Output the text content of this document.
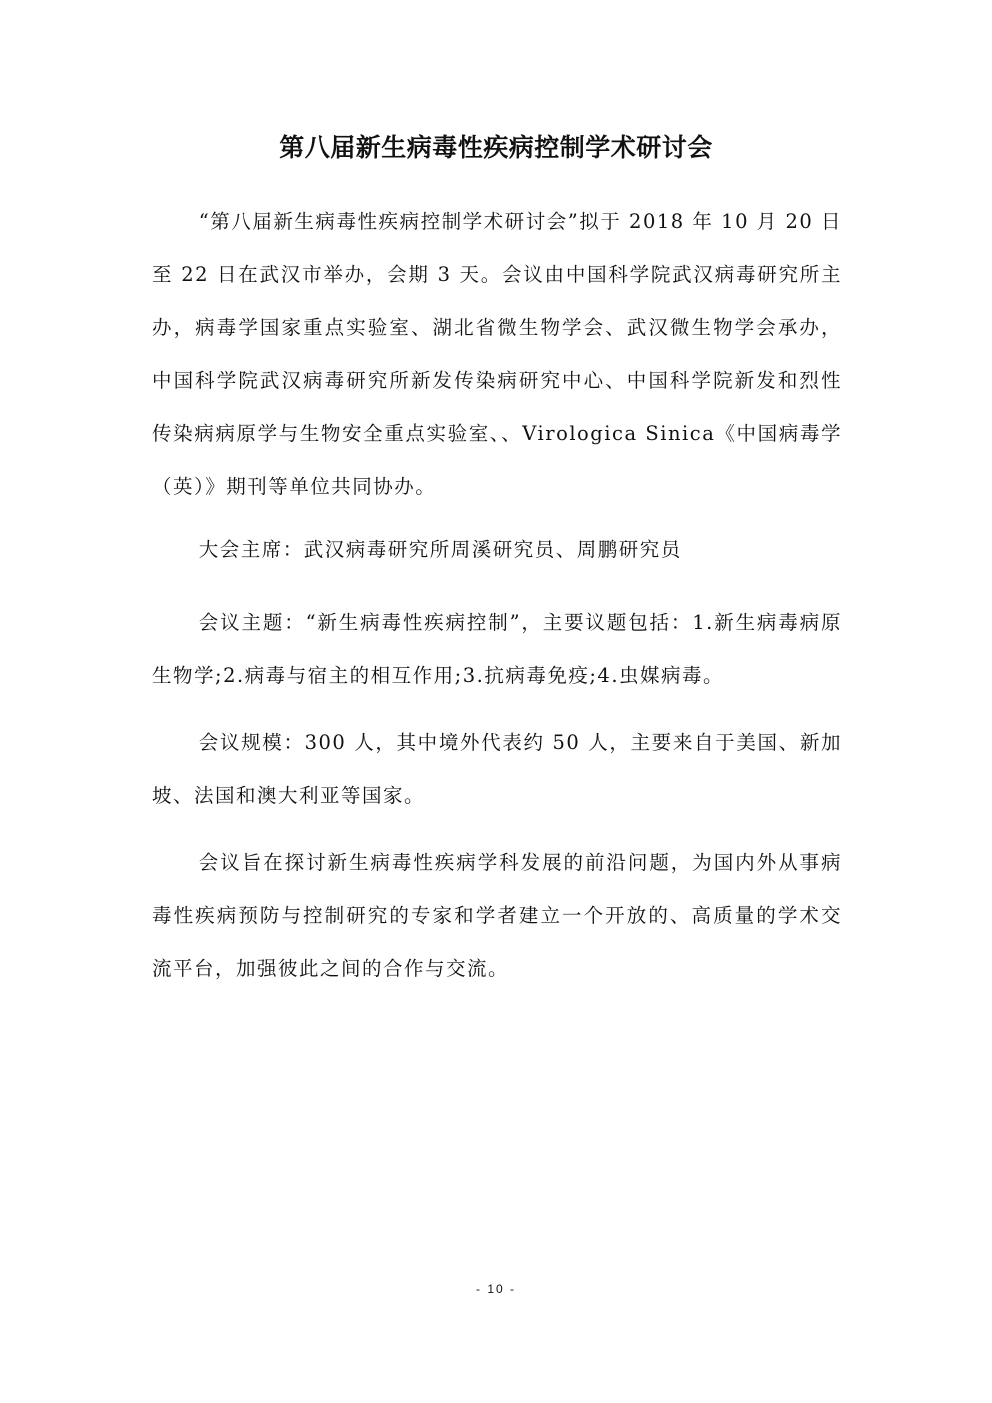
第八届新生病毒性疾病控制学术研讨会

“第八届新生病毒性疾病控制学术研讨会”拟于 2018 年 10 月 20 日至 22 日在武汉市举办，会期 3 天。会议由中国科学院武汉病毒研究所主办，病毒学国家重点实验室、湖北省微生物学会、武汉微生物学会承办，中国科学院武汉病毒研究所新发传染病研究中心、中国科学院新发和烈性传染病病原学与生物安全重点实验室、、Virologica Sinica《中国病毒学（英）》期刊等单位共同协办。

大会主席：武汉病毒研究所周溪研究员、周鹏研究员

会议主题：“新生病毒性疾病控制”，主要议题包括：1.新生病毒病原生物学;2.病毒与宿主的相互作用;3.抗病毒免疫;4.虫媒病毒。

会议规模：300 人，其中境外代表约 50 人，主要来自于美国、新加坡、法国和澳大利亚等国家。

会议旨在探讨新生病毒性疾病学科发展的前沿问题，为国内外从事病毒性疾病预防与控制研究的专家和学者建立一个开放的、高质量的学术交流平台，加强彼此之间的合作与交流。

- 10 -
